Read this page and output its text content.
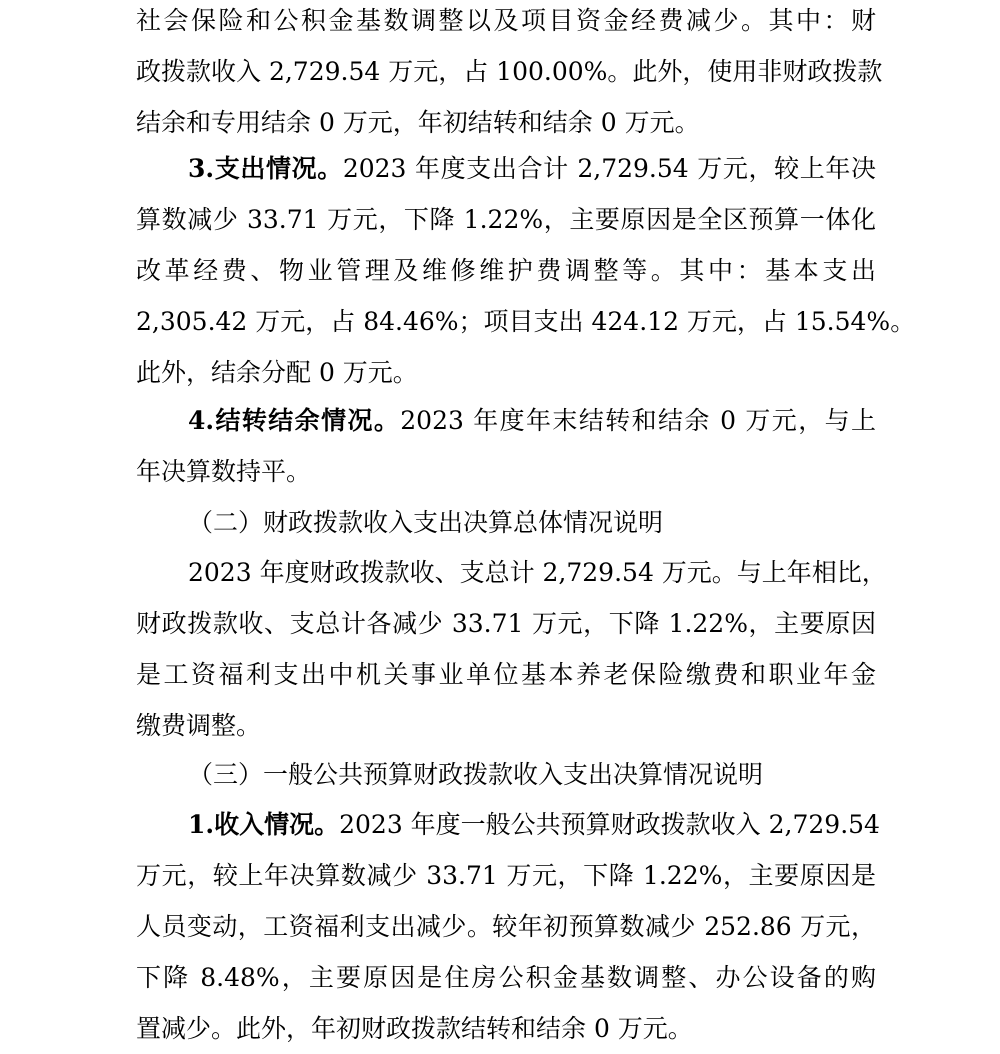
社会保险和公积金基数调整以及项目资金经费减少。其中：财
政拨款收入 2,729.54 万元，占 100.00%。此外，使用非财政拨款
结余和专用结余 0 万元，年初结转和结余 0 万元。
3.支出情况。2023 年度支出合计 2,729.54 万元，较上年决
算数减少 33.71 万元，下降 1.22%，主要原因是全区预算一体化
改革经费、物业管理及维修维护费调整等。其中：基本支出
2,305.42 万元，占 84.46%；项目支出 424.12 万元，占 15.54%。
此外，结余分配 0 万元。
4.结转结余情况。2023 年度年末结转和结余 0 万元，与上
年决算数持平。
（二）财政拨款收入支出决算总体情况说明
2023 年度财政拨款收、支总计 2,729.54 万元。与上年相比，
财政拨款收、支总计各减少 33.71 万元，下降 1.22%，主要原因
是工资福利支出中机关事业单位基本养老保险缴费和职业年金
缴费调整。
（三）一般公共预算财政拨款收入支出决算情况说明
1.收入情况。2023 年度一般公共预算财政拨款收入 2,729.54
万元，较上年决算数减少 33.71 万元，下降 1.22%，主要原因是
人员变动，工资福利支出减少。较年初预算数减少 252.86 万元，
下降 8.48%，主要原因是住房公积金基数调整、办公设备的购
置减少。此外，年初财政拨款结转和结余 0 万元。
